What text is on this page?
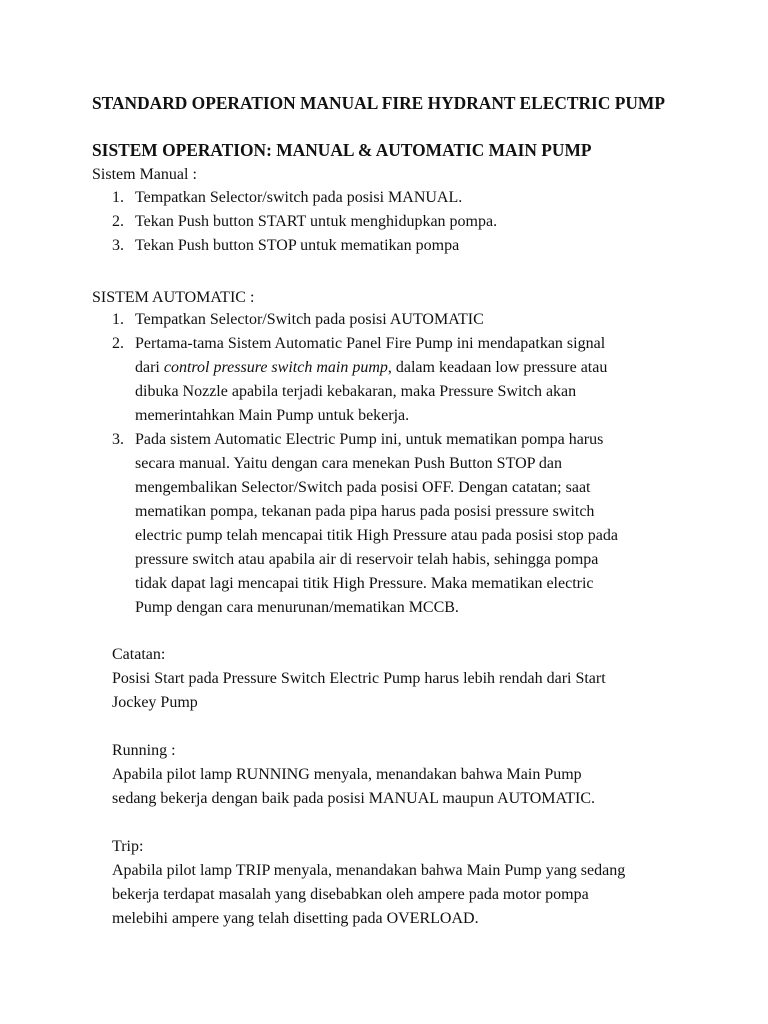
STANDARD OPERATION MANUAL FIRE HYDRANT ELECTRIC PUMP
SISTEM OPERATION: MANUAL & AUTOMATIC MAIN PUMP
Sistem Manual :
1. Tempatkan Selector/switch pada posisi MANUAL.
2. Tekan Push button START untuk menghidupkan pompa.
3. Tekan Push button STOP untuk mematikan pompa
SISTEM AUTOMATIC :
1. Tempatkan Selector/Switch pada posisi AUTOMATIC
2. Pertama-tama Sistem Automatic Panel Fire Pump ini mendapatkan signal
dari control pressure switch main pump, dalam keadaan low pressure atau
dibuka Nozzle apabila terjadi kebakaran, maka Pressure Switch akan
memerintahkan Main Pump untuk bekerja.
3. Pada sistem Automatic Electric Pump ini, untuk mematikan pompa harus
secara manual. Yaitu dengan cara menekan Push Button STOP dan
mengembalikan Selector/Switch pada posisi OFF. Dengan catatan; saat
mematikan pompa, tekanan pada pipa harus pada posisi pressure switch
electric pump telah mencapai titik High Pressure atau pada posisi stop pada
pressure switch atau apabila air di reservoir telah habis, sehingga pompa
tidak dapat lagi mencapai titik High Pressure. Maka mematikan electric
Pump dengan cara menurunan/mematikan MCCB.
Catatan:
Posisi Start pada Pressure Switch Electric Pump harus lebih rendah dari Start
Jockey Pump
Running :
Apabila pilot lamp RUNNING menyala, menandakan bahwa Main Pump
sedang bekerja dengan baik pada posisi MANUAL maupun AUTOMATIC.
Trip:
Apabila pilot lamp TRIP menyala, menandakan bahwa Main Pump yang sedang
bekerja terdapat masalah yang disebabkan oleh ampere pada motor pompa
melebihi ampere yang telah disetting pada OVERLOAD.
